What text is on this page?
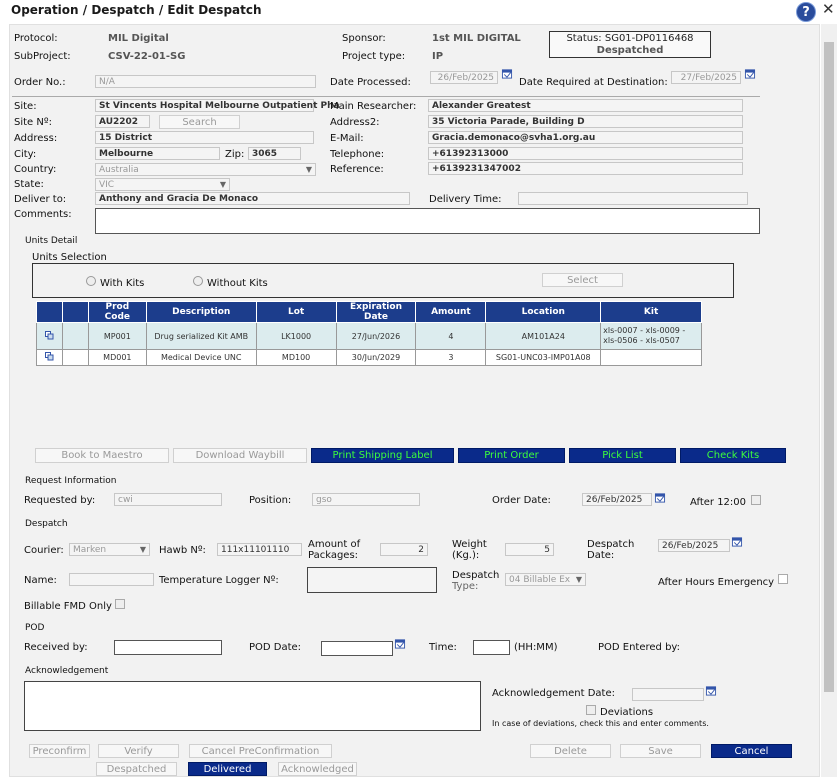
Operation / Despatch / Edit Despatch	? ✕
Protocol:	MIL Digital
SubProject:	CSV-22-01-SG
Sponsor:	1st MIL DIGITAL
Project type:	IP
Status: SG01-DP0116468
Despatched
Order No.:	N/A	Date Processed:	26/Feb/2025	Date Required at Destination:	27/Feb/2025
Site:	St Vincents Hospital Melbourne Outpatient Pha
Site Nº:	AU2202	Search
Address:	15 District
City:	Melbourne	Zip: 3065
Country:	Australia	▼
State:	VIC	▼
Deliver to:	Anthony and Gracia De Monaco
Comments:
Main Researcher:	Alexander Greatest
Address2:	35 Victoria Parade, Building D
E-Mail:	Gracia.demonaco@svha1.org.au
Telephone:	+61392313000
Reference:	+6139231347002
Delivery Time:
Units Detail
Units Selection
With Kits	Without Kits	Select
		Prod Code	Description	Lot	Expiration Date	Amount	Location	Kit
		MP001	Drug serialized Kit AMB	LK1000	27/Jun/2026	4	AM101A24	xls-0007 - xls-0009 - xls-0506 - xls-0507
		MD001	Medical Device UNC	MD100	30/Jun/2029	3	SG01-UNC03-IMP01A08	
Book to Maestro	Download Waybill	Print Shipping Label	Print Order	Pick List	Check Kits
Request Information
Requested by:	cwi	Position:	gso	Order Date:	26/Feb/2025	After 12:00
Despatch
Courier:	Marken	▼ Hawb Nº:	111x11101110	Amount of
Packages:	2	Weight
(Kg.):	5	Despatch
Date:
26/Feb/2025
Name:	Temperature Logger Nº:	Despatch
Type:
04 Billable Ex ▼	After Hours Emergency
Billable FMD Only
POD
Received by:	POD Date:	Time:	(HH:MM)	POD Entered by:
Acknowledgement
Acknowledgement Date:
Deviations
In case of deviations, check this and enter comments.
Preconfirm	Verify	Cancel PreConfirmation	Delete	Save	Cancel
Despatched	Delivered	Acknowledged
